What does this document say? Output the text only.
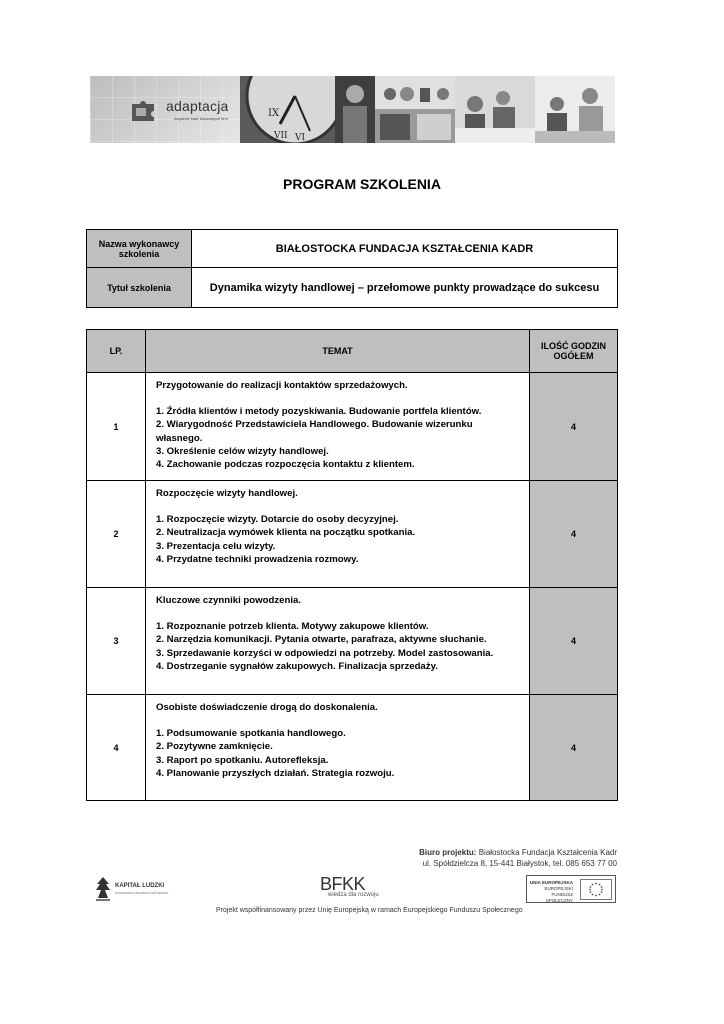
adaptacja
wsparcie kadr kluczowych firm	IX
VII VI
PROGRAM SZKOLENIA
Nazwa wykonawcy szkolenia	BIAŁOSTOCKA FUNDACJA KSZTAŁCENIA KADR
Tytuł szkolenia	Dynamika wizyty handlowej – przełomowe punkty prowadzące do sukcesu
LP.	TEMAT	ILOŚĆ GODZIN OGÓŁEM
1	Przygotowanie do realizacji kontaktów sprzedażowych.
1. Źródła klientów i metody pozyskiwania. Budowanie portfela klientów.
2. Wiarygodność Przedstawiciela Handlowego. Budowanie wizerunku własnego.
3. Określenie celów wizyty handlowej.
4. Zachowanie podczas rozpoczęcia kontaktu z klientem.	4
2	Rozpoczęcie wizyty handlowej.
1. Rozpoczęcie wizyty. Dotarcie do osoby decyzyjnej.
2. Neutralizacja wymówek klienta na początku spotkania.
3. Prezentacja celu wizyty.
4. Przydatne techniki prowadzenia rozmowy.	4
3	Kluczowe czynniki powodzenia.
1. Rozpoznanie potrzeb klienta. Motywy zakupowe klientów.
2. Narzędzia komunikacji. Pytania otwarte, parafraza, aktywne słuchanie.
3. Sprzedawanie korzyści w odpowiedzi na potrzeby. Model zastosowania.
4. Dostrzeganie sygnałów zakupowych. Finalizacja sprzedaży.	4
4	Osobiste doświadczenie drogą do doskonalenia.
1. Podsumowanie spotkania handlowego.
2. Pozytywne zamknięcie.
3. Raport po spotkaniu. Autorefleksja.
4. Planowanie przyszłych działań. Strategia rozwoju.	4
Biuro projektu: Białostocka Fundacja Kształcenia Kadr
ul. Spółdzielcza 8, 15-441 Białystok, tel. 085 653 77 00
KAPITAŁ LUDZKI
NARODOWA STRATEGIA SPÓJNOŚCI	BFKK
wiedza dla rozwoju
UNIA EUROPEJSKA
EUROPEJSKI
FUNDUSZ SPOŁECZNY
Projekt współfinansowany przez Unię Europejską w ramach Europejskiego Funduszu Społecznego
